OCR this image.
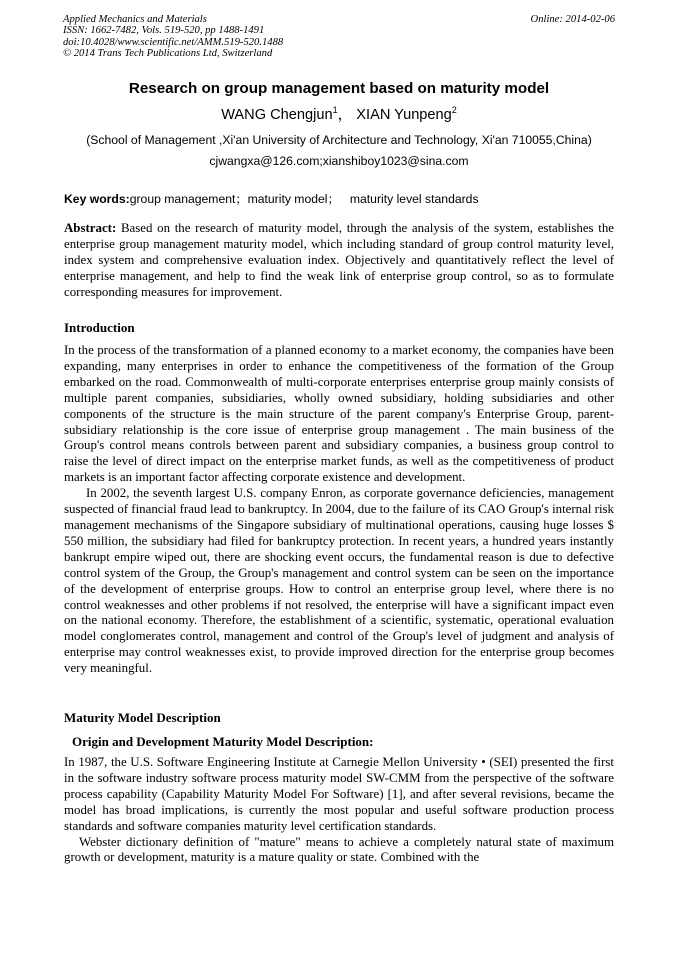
Applied Mechanics and Materials
ISSN: 1662-7482, Vols. 519-520, pp 1488-1491
doi:10.4028/www.scientific.net/AMM.519-520.1488
© 2014 Trans Tech Publications Ltd, Switzerland
Online: 2014-02-06
Research on group management based on maturity model
WANG Chengjun$^1$， XIAN Yunpeng$^2$
(School of Management ,Xi'an University of Architecture and Technology, Xi'an 710055,China)
cjwangxa@126.com;xianshiboy1023@sina.com
Key words:group management；maturity model；   maturity level standards

Abstract: Based on the research of maturity model, through the analysis of the system, establishes the enterprise group management maturity model, which including standard of group control maturity level, index system and comprehensive evaluation index. Objectively and quantitatively reflect the level of enterprise management, and help to find the weak link of enterprise group control, so as to formulate corresponding measures for improvement.

Introduction

In the process of the transformation of a planned economy to a market economy, the companies have been expanding, many enterprises in order to enhance the competitiveness of the formation of the Group embarked on the road. Commonwealth of multi-corporate enterprises enterprise group mainly consists of multiple parent companies, subsidiaries, wholly owned subsidiary, holding subsidiaries and other components of the structure is the main structure of the parent company's Enterprise Group, parent-subsidiary relationship is the core issue of enterprise group management . The main business of the Group's control means controls between parent and subsidiary companies, a business group control to raise the level of direct impact on the enterprise market funds, as well as the competitiveness of product markets is an important factor affecting corporate existence and development.

In 2002, the seventh largest U.S. company Enron, as corporate governance deficiencies, management suspected of financial fraud lead to bankruptcy. In 2004, due to the failure of its CAO Group's internal risk management mechanisms of the Singapore subsidiary of multinational operations, causing huge losses $ 550 million, the subsidiary had filed for bankruptcy protection. In recent years, a hundred years instantly bankrupt empire wiped out, there are shocking event occurs, the fundamental reason is due to defective control system of the Group, the Group's management and control system can be seen on the importance of the development of enterprise groups. How to control an enterprise group level, where there is no control weaknesses and other problems if not resolved, the enterprise will have a significant impact even on the national economy. Therefore, the establishment of a scientific, systematic, operational evaluation model conglomerates control, management and control of the Group's level of judgment and analysis of enterprise may control weaknesses exist, to provide improved direction for the enterprise group becomes very meaningful.

Maturity Model Description
Origin and Development Maturity Model Description:

In 1987, the U.S. Software Engineering Institute at Carnegie Mellon University • (SEI) presented the first in the software industry software process maturity model SW-CMM from the perspective of the software process capability (Capability Maturity Model For Software) [1], and after several revisions, became the model has broad implications, is currently the most popular and useful software production process standards and software companies maturity level certification standards.

Webster dictionary definition of "mature" means to achieve a completely natural state of maximum growth or development, maturity is a mature quality or state. Combined with the
